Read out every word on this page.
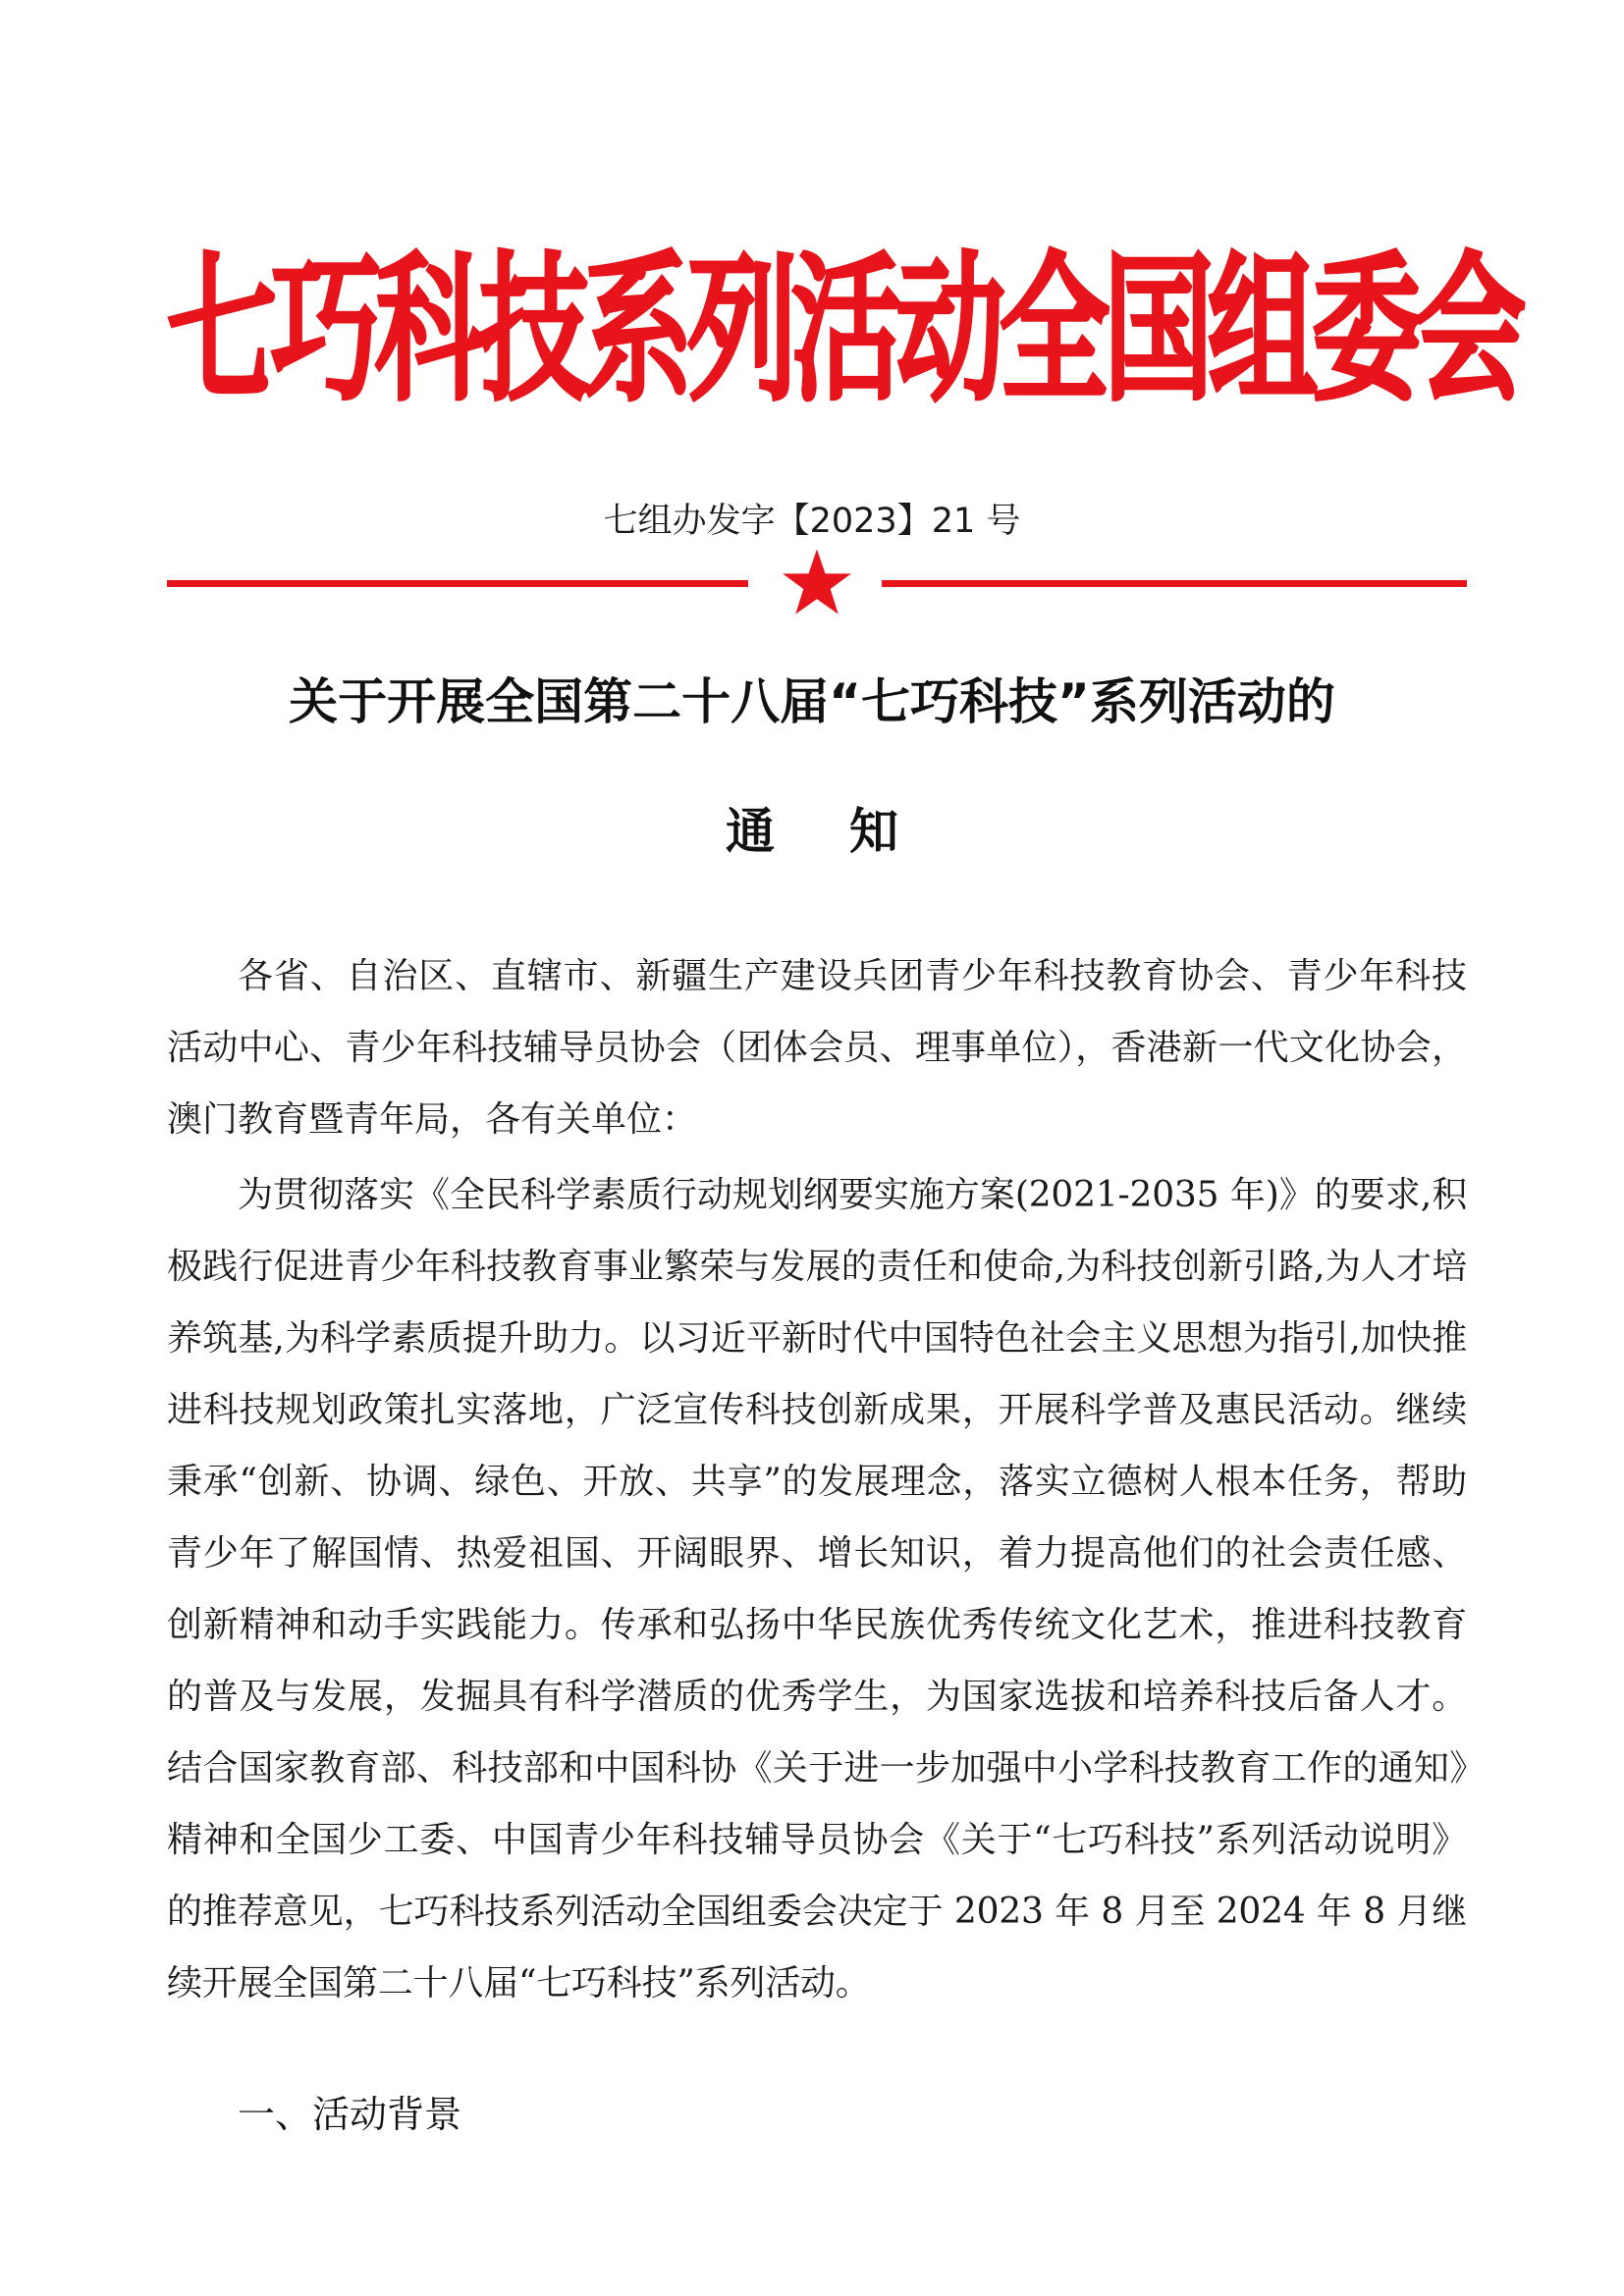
七巧科技系列活动全国组委会
七组办发字【2023】21 号
关于开展全国第二十八届“七巧科技”系列活动的
通知

各省、自治区、直辖市、新疆生产建设兵团青少年科技教育协会、青少年科技活动中心、青少年科技辅导员协会（团体会员、理事单位），香港新一代文化协会，澳门教育暨青年局，各有关单位：

为贯彻落实《全民科学素质行动规划纲要实施方案(2021-2035 年)》的要求,积极践行促进青少年科技教育事业繁荣与发展的责任和使命,为科技创新引路,为人才培养筑基,为科学素质提升助力。以习近平新时代中国特色社会主义思想为指引,加快推进科技规划政策扎实落地，广泛宣传科技创新成果，开展科学普及惠民活动。继续秉承“创新、协调、绿色、开放、共享”的发展理念，落实立德树人根本任务，帮助青少年了解国情、热爱祖国、开阔眼界、增长知识，着力提高他们的社会责任感、创新精神和动手实践能力。传承和弘扬中华民族优秀传统文化艺术，推进科技教育的普及与发展，发掘具有科学潜质的优秀学生，为国家选拔和培养科技后备人才。结合国家教育部、科技部和中国科协《关于进一步加强中小学科技教育工作的通知》精神和全国少工委、中国青少年科技辅导员协会《关于“七巧科技”系列活动说明》的推荐意见，七巧科技系列活动全国组委会决定于 2023 年 8 月至 2024 年 8 月继续开展全国第二十八届“七巧科技”系列活动。

一、活动背景
